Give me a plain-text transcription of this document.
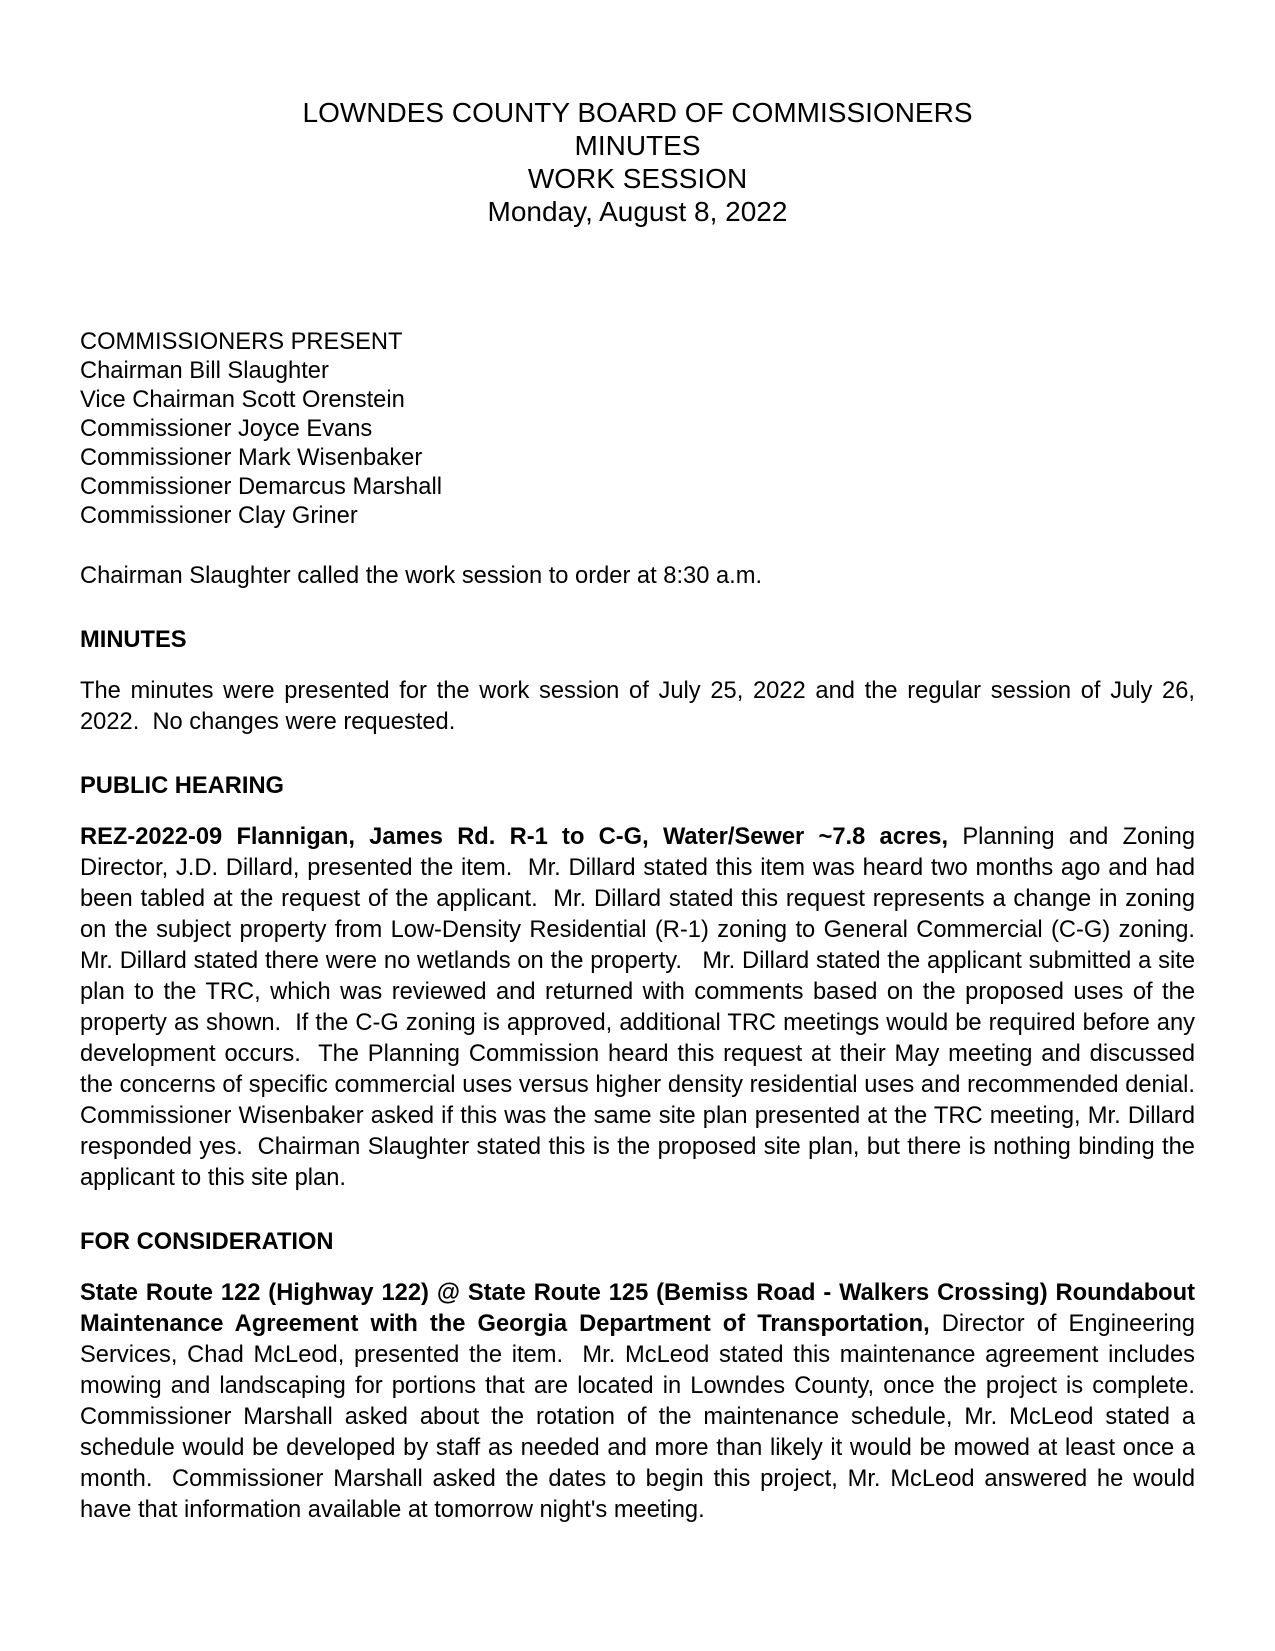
LOWNDES COUNTY BOARD OF COMMISSIONERS
MINUTES
WORK SESSION
Monday, August 8, 2022
COMMISSIONERS PRESENT
Chairman Bill Slaughter
Vice Chairman Scott Orenstein
Commissioner Joyce Evans
Commissioner Mark Wisenbaker
Commissioner Demarcus Marshall
Commissioner Clay Griner
Chairman Slaughter called the work session to order at 8:30 a.m.
MINUTES

The minutes were presented for the work session of July 25, 2022 and the regular session of July 26, 2022.  No changes were requested.

PUBLIC HEARING

REZ-2022-09 Flannigan, James Rd. R-1 to C-G, Water/Sewer ~7.8 acres, Planning and Zoning Director, J.D. Dillard, presented the item.  Mr. Dillard stated this item was heard two months ago and had been tabled at the request of the applicant.  Mr. Dillard stated this request represents a change in zoning on the subject property from Low-Density Residential (R-1) zoning to General Commercial (C-G) zoning.  Mr. Dillard stated there were no wetlands on the property.   Mr. Dillard stated the applicant submitted a site plan to the TRC, which was reviewed and returned with comments based on the proposed uses of the property as shown.  If the C-G zoning is approved, additional TRC meetings would be required before any development occurs.  The Planning Commission heard this request at their May meeting and discussed the concerns of specific commercial uses versus higher density residential uses and recommended denial.  Commissioner Wisenbaker asked if this was the same site plan presented at the TRC meeting, Mr. Dillard responded yes.  Chairman Slaughter stated this is the proposed site plan, but there is nothing binding the applicant to this site plan.

FOR CONSIDERATION

State Route 122 (Highway 122) @ State Route 125 (Bemiss Road - Walkers Crossing) Roundabout Maintenance Agreement with the Georgia Department of Transportation, Director of Engineering Services, Chad McLeod, presented the item.  Mr. McLeod stated this maintenance agreement includes mowing and landscaping for portions that are located in Lowndes County, once the project is complete.  Commissioner Marshall asked about the rotation of the maintenance schedule, Mr. McLeod stated a schedule would be developed by staff as needed and more than likely it would be mowed at least once a month.  Commissioner Marshall asked the dates to begin this project, Mr. McLeod answered he would have that information available at tomorrow night's meeting.
